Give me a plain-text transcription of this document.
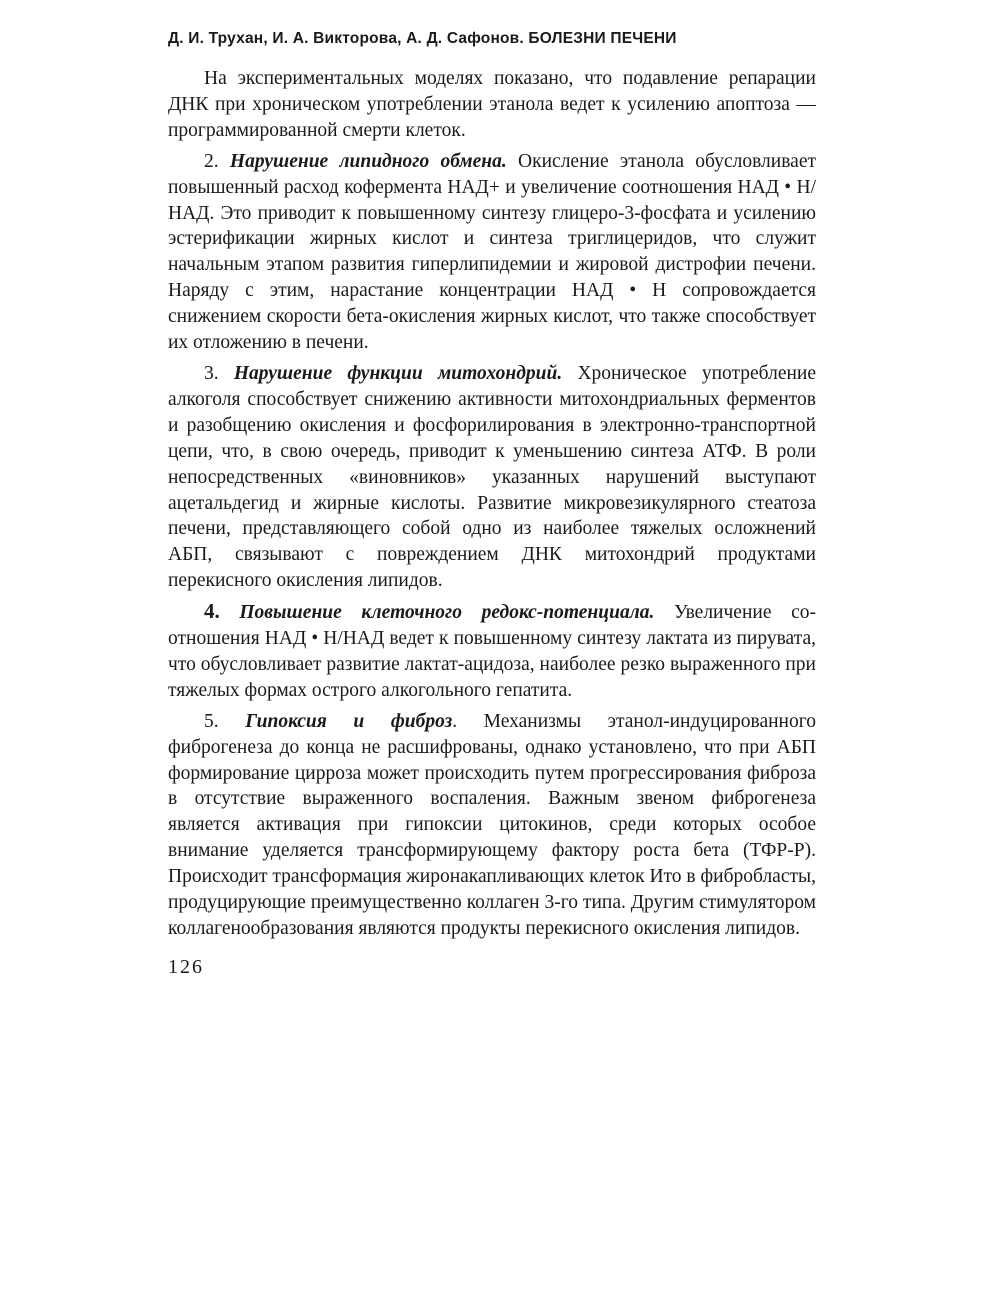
Д. И. Трухан, И. А. Викторова, А. Д. Сафонов. БОЛЕЗНИ ПЕЧЕНИ

На экспериментальных моделях показано, что подавление репарации ДНК при хроническом употреблении этанола ведет к усилению апоптоза — программированной смерти клеток.

2. Нарушение липидного обмена. Окисление этанола обусловливает повышенный расход кофермента НАД+ и увеличение соотношения НАД • Н/НАД. Это приводит к повышенному синтезу глицеро-3-фосфата и усилению эстерификации жирных кислот и синтеза триглицеридов, что служит начальным этапом развития гиперлипидемии и жировой дистрофии печени. Наряду с этим, нарастание концентрации НАД • Н сопровождается снижением скорости бета-окисления жирных кислот, что также способствует их отложению в печени.

3. Нарушение функции митохондрий. Хроническое употребление алкоголя способствует снижению активности митохондриальных ферментов и разобщению окисления и фосфорилирования в электронно-транспортной цепи, что, в свою очередь, приводит к уменьшению синтеза АТФ. В роли непосредственных «виновников» указанных нарушений выступают ацетальдегид и жирные кислоты. Развитие микровезикулярного стеатоза печени, представляющего собой одно из наиболее тяжелых осложнений АБП, связывают с повреждением ДНК митохондрий продуктами перекисного окисления липидов.

4. Повышение клеточного редокс-потенциала. Увеличение соотношения НАД • Н/НАД ведет к повышенному синтезу лактата из пирувата, что обусловливает развитие лактат-ацидоза, наиболее резко выраженного при тяжелых формах острого алкогольного гепатита.

5. Гипоксия и фиброз. Механизмы этанол-индуцированного фиброгенеза до конца не расшифрованы, однако установлено, что при АБП формирование цирроза может происходить путем прогрессирования фиброза в отсутствие выраженного воспаления. Важным звеном фиброгенеза является активация при гипоксии цитокинов, среди которых особое внимание уделяется трансформирующему фактору роста бета (ТФР-Р). Происходит трансформация жиронакапливающих клеток Ито в фибробласты, продуцирующие преимущественно коллаген 3-го типа. Другим стимулятором коллагенообразования являются продукты перекисного окисления липидов.

126
